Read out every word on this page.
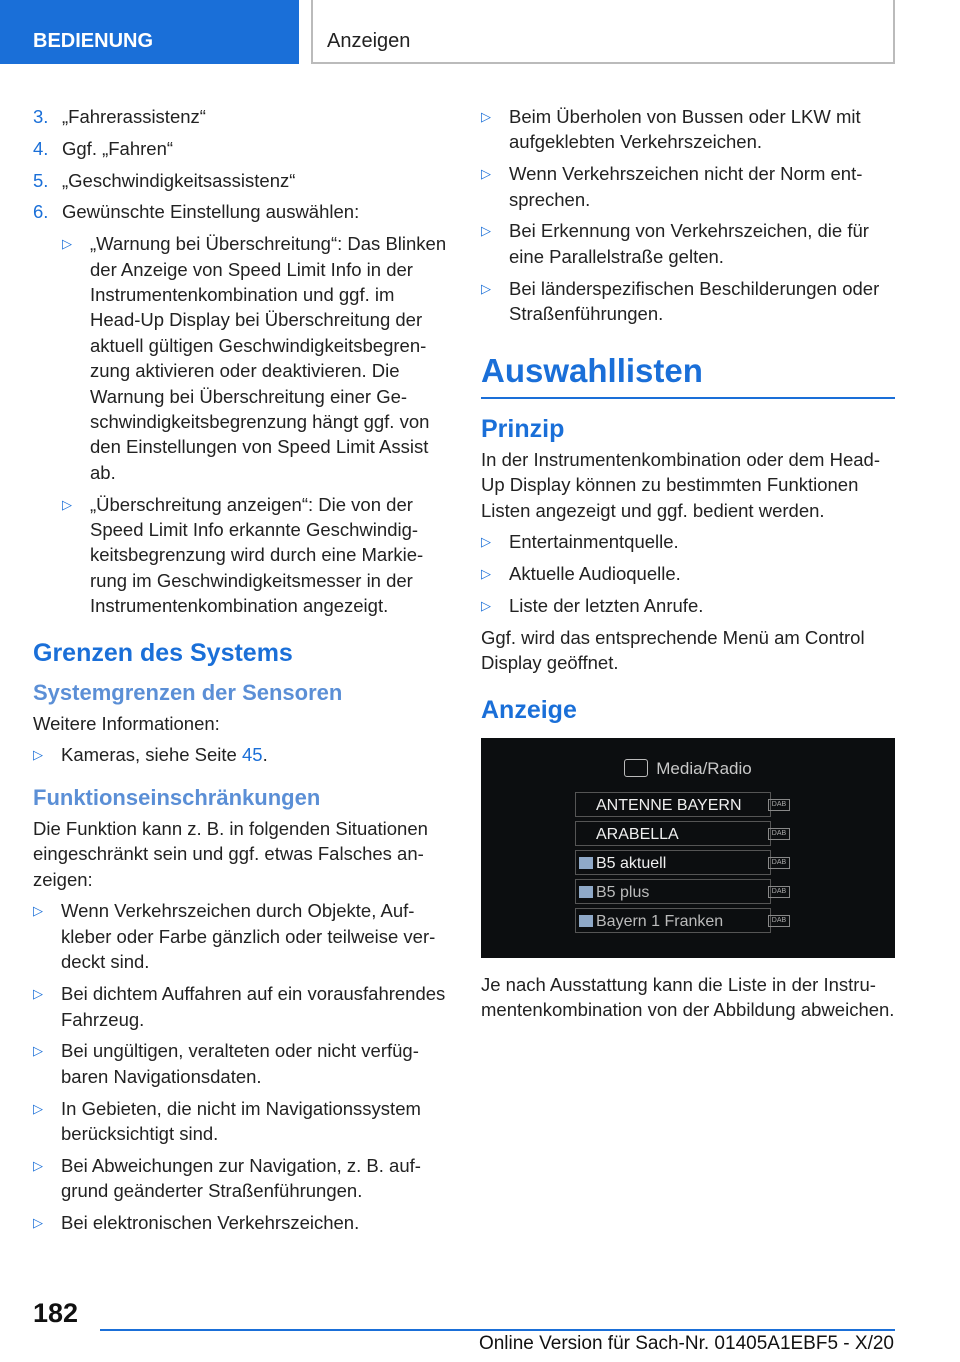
BEDIENUNG	Anzeigen
3. „Fahrerassistenz“
4. Ggf. „Fahren“
5. „Geschwindigkeitsassistenz“
6. Gewünschte Einstellung auswählen:
▷ „Warnung bei Überschreitung“: Das Blinken der Anzeige von Speed Limit Info in der Instrumentenkombination und ggf. im Head-Up Display bei Überschreitung der aktuell gültigen Geschwindigkeitsbegrenzung aktivieren oder deaktivieren. Die Warnung bei Überschreitung einer Geschwindigkeitsbegrenzung hängt ggf. von den Einstellungen von Speed Limit Assist ab.
▷ „Überschreitung anzeigen“: Die von der Speed Limit Info erkannte Geschwindigkeitsbegrenzung wird durch eine Markierung im Geschwindigkeitsmesser in der Instrumentenkombination angezeigt.
Grenzen des Systems
Systemgrenzen der Sensoren

Weitere Informationen:

▷ Kameras, siehe Seite 45.
Funktionseinschränkungen

Die Funktion kann z. B. in folgenden Situationen eingeschränkt sein und ggf. etwas Falsches anzeigen:

▷ Wenn Verkehrszeichen durch Objekte, Aufkleber oder Farbe gänzlich oder teilweise verdeckt sind.
▷ Bei dichtem Auffahren auf ein vorausfahrendes Fahrzeug.
▷ Bei ungültigen, veralteten oder nicht verfügbaren Navigationsdaten.
▷ In Gebieten, die nicht im Navigationssystem berücksichtigt sind.
▷ Bei Abweichungen zur Navigation, z. B. aufgrund geänderter Straßenführungen.
▷ Bei elektronischen Verkehrszeichen.
▷ Beim Überholen von Bussen oder LKW mit aufgeklebten Verkehrszeichen.
▷ Wenn Verkehrszeichen nicht der Norm entsprechen.
▷ Bei Erkennung von Verkehrszeichen, die für eine Parallelstraße gelten.
▷ Bei länderspezifischen Beschilderungen oder Straßenführungen.
Auswahllisten
Prinzip

In der Instrumentenkombination oder dem Head-Up Display können zu bestimmten Funktionen Listen angezeigt und ggf. bedient werden.

▷ Entertainmentquelle.
▷ Aktuelle Audioquelle.
▷ Liste der letzten Anrufe.

Ggf. wird das entsprechende Menü am Control Display geöffnet.

Anzeige
Media/Radio
ANTENNE BAYERN	DAB
ARABELLA	DAB
B5 aktuell	DAB
B5 plus	DAB
Bayern 1 Franken	DAB

Je nach Ausstattung kann die Liste in der Instrumentenkombination von der Abbildung abweichen.

182
Online Version für Sach-Nr. 01405A1EBF5 - X/20
